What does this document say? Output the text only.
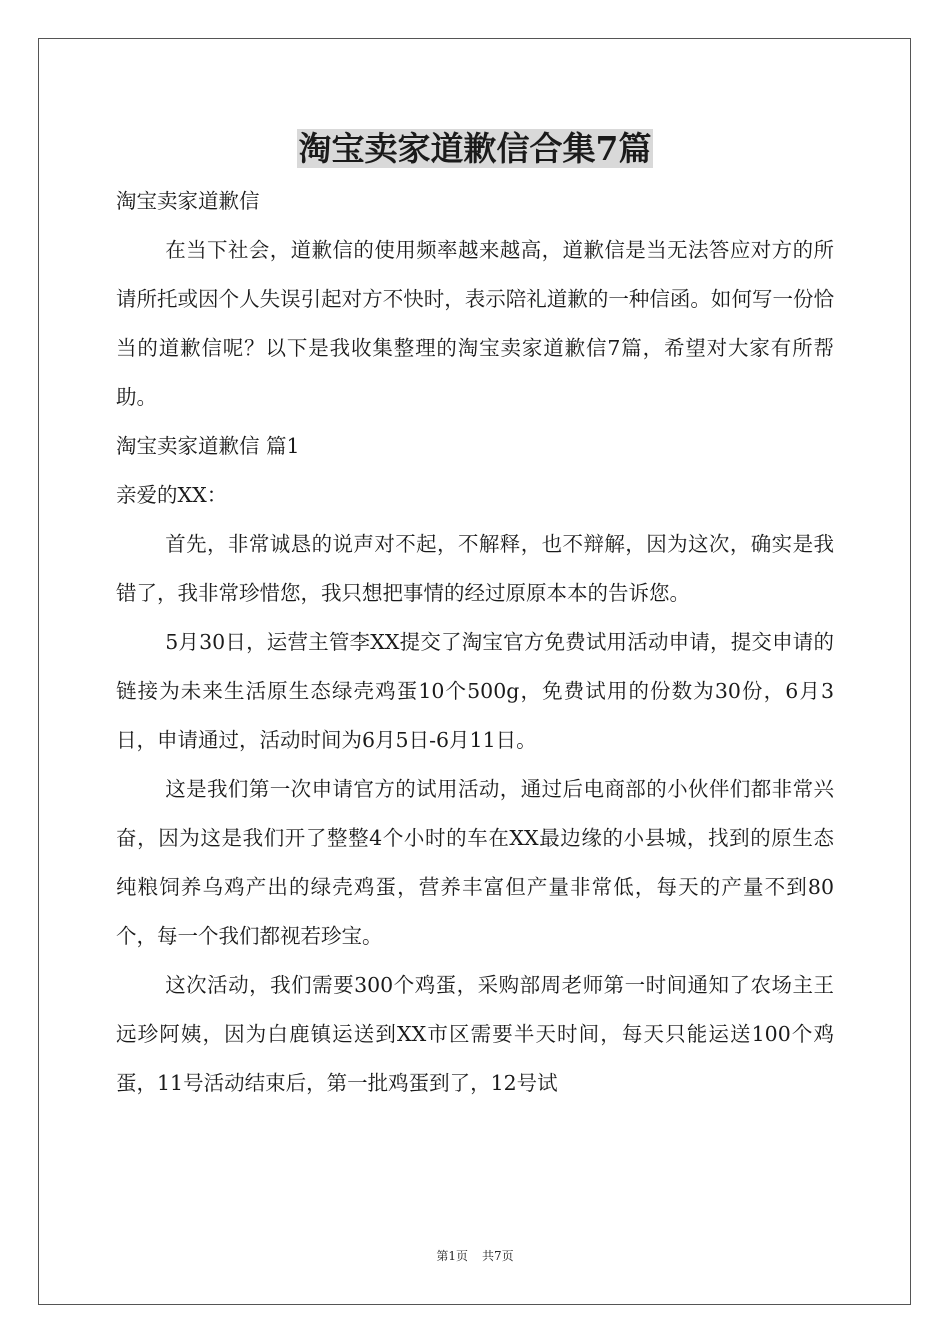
淘宝卖家道歉信合集7篇

淘宝卖家道歉信

在当下社会，道歉信的使用频率越来越高，道歉信是当无法答应对方的所请所托或因个人失误引起对方不快时，表示陪礼道歉的一种信函。如何写一份恰当的道歉信呢？以下是我收集整理的淘宝卖家道歉信7篇，希望对大家有所帮助。

淘宝卖家道歉信 篇1

亲爱的XX：

首先，非常诚恳的说声对不起，不解释，也不辩解，因为这次，确实是我错了，我非常珍惜您，我只想把事情的经过原原本本的告诉您。

5月30日，运营主管李XX提交了淘宝官方免费试用活动申请，提交申请的链接为未来生活原生态绿壳鸡蛋10个500g，免费试用的份数为30份，6月3日，申请通过，活动时间为6月5日-6月11日。

这是我们第一次申请官方的试用活动，通过后电商部的小伙伴们都非常兴奋，因为这是我们开了整整4个小时的车在XX最边缘的小县城，找到的原生态纯粮饲养乌鸡产出的绿壳鸡蛋，营养丰富但产量非常低，每天的产量不到80个，每一个我们都视若珍宝。

这次活动，我们需要300个鸡蛋，采购部周老师第一时间通知了农场主王远珍阿姨，因为白鹿镇运送到XX市区需要半天时间，每天只能运送100个鸡蛋，11号活动结束后，第一批鸡蛋到了，12号试

第1页 共7页
